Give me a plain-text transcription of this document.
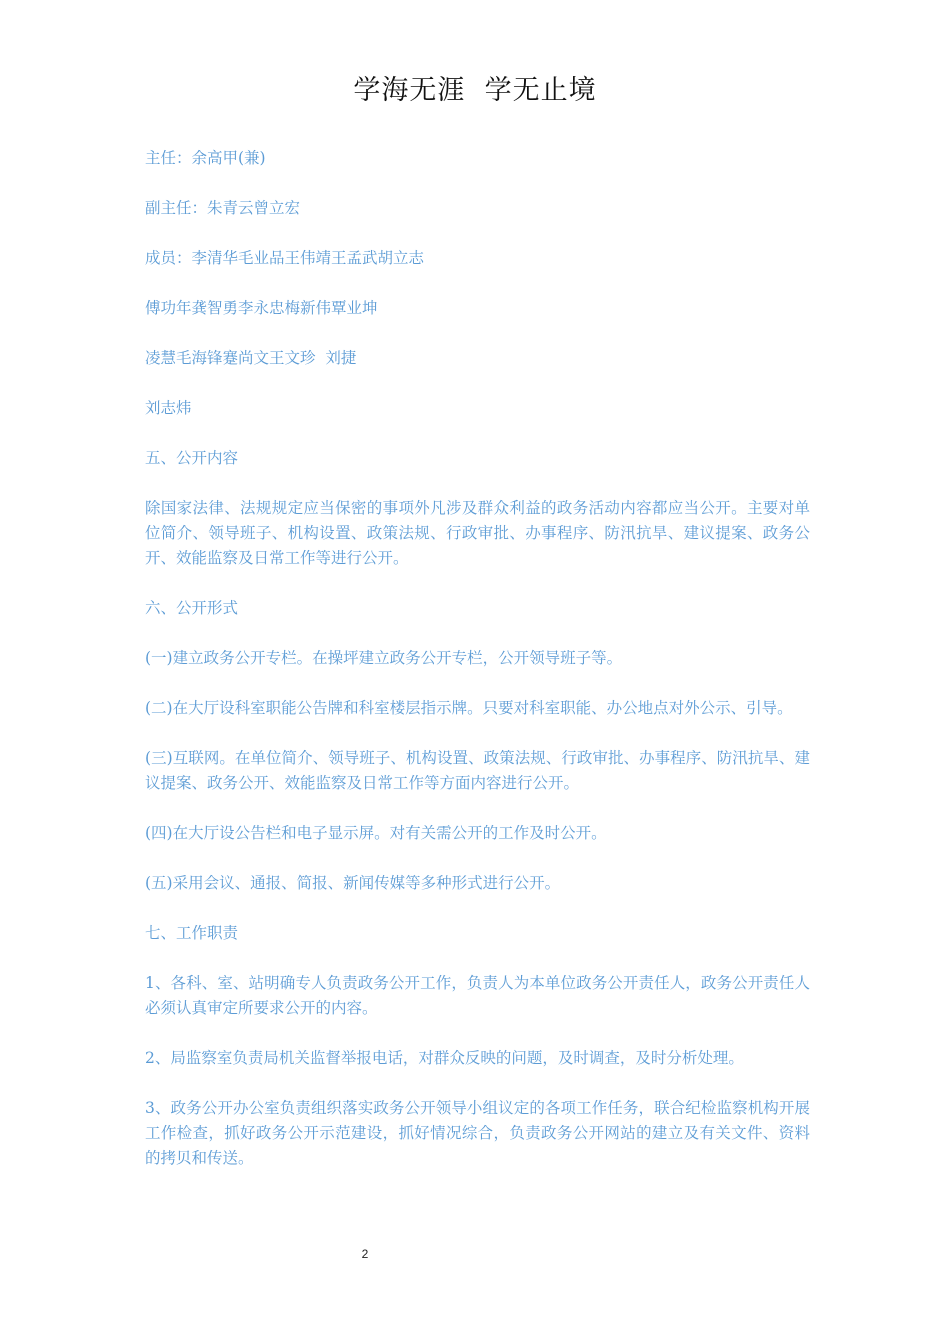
学海无涯  学无止境

主任：余高甲(兼)

副主任：朱青云曾立宏

成员：李清华毛业品王伟靖王孟武胡立志

傅功年龚智勇李永忠梅新伟覃业坤

凌慧毛海锋蹇尚文王文珍  刘捷

刘志炜

五、公开内容

除国家法律、法规规定应当保密的事项外凡涉及群众利益的政务活动内容都应当公开。主要对单位简介、领导班子、机构设置、政策法规、行政审批、办事程序、防汛抗旱、建议提案、政务公开、效能监察及日常工作等进行公开。

六、公开形式

(一)建立政务公开专栏。在操坪建立政务公开专栏，公开领导班子等。

(二)在大厅设科室职能公告牌和科室楼层指示牌。只要对科室职能、办公地点对外公示、引导。

(三)互联网。在单位简介、领导班子、机构设置、政策法规、行政审批、办事程序、防汛抗旱、建议提案、政务公开、效能监察及日常工作等方面内容进行公开。

(四)在大厅设公告栏和电子显示屏。对有关需公开的工作及时公开。

(五)采用会议、通报、简报、新闻传媒等多种形式进行公开。

七、工作职责

1、各科、室、站明确专人负责政务公开工作，负责人为本单位政务公开责任人，政务公开责任人必须认真审定所要求公开的内容。

2、局监察室负责局机关监督举报电话，对群众反映的问题，及时调查，及时分析处理。

3、政务公开办公室负责组织落实政务公开领导小组议定的各项工作任务，联合纪检监察机构开展工作检查，抓好政务公开示范建设，抓好情况综合，负责政务公开网站的建立及有关文件、资料的拷贝和传送。

2
